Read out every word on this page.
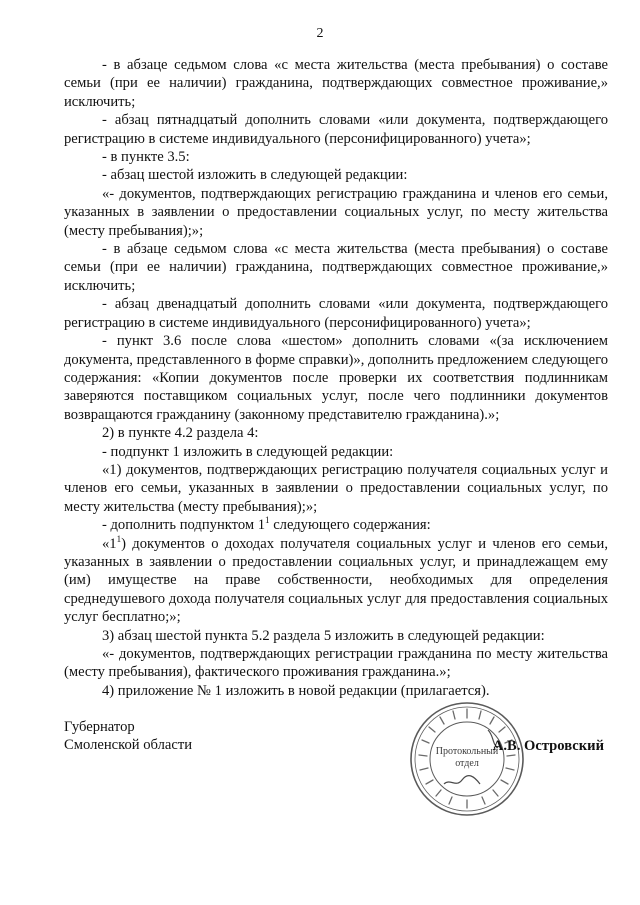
2

- в абзаце седьмом слова «с места жительства (места пребывания) о составе семьи (при ее наличии) гражданина, подтверждающих совместное проживание,» исключить;

- абзац пятнадцатый дополнить словами «или документа, подтверждающего регистрацию в системе индивидуального (персонифицированного) учета»;

- в пункте 3.5:

- абзац шестой изложить в следующей редакции:

«- документов, подтверждающих регистрацию гражданина и членов его семьи, указанных в заявлении о предоставлении социальных услуг, по месту жительства (месту пребывания);»;

- в абзаце седьмом слова «с места жительства (места пребывания) о составе семьи (при ее наличии) гражданина, подтверждающих совместное проживание,» исключить;

- абзац двенадцатый дополнить словами «или документа, подтверждающего регистрацию в системе индивидуального (персонифицированного) учета»;

- пункт 3.6 после слова «шестом» дополнить словами «(за исключением документа, представленного в форме справки)», дополнить предложением следующего содержания: «Копии документов после проверки их соответствия подлинникам заверяются поставщиком социальных услуг, после чего подлинники документов возвращаются гражданину (законному представителю гражданина).»;

2) в пункте 4.2 раздела 4:

- подпункт 1 изложить в следующей редакции:

«1) документов, подтверждающих регистрацию получателя социальных услуг и членов его семьи, указанных в заявлении о предоставлении социальных услуг, по месту жительства (месту пребывания);»;

- дополнить подпунктом $1^1$ следующего содержания:

«$1^1$) документов о доходах получателя социальных услуг и членов его семьи, указанных в заявлении о предоставлении социальных услуг, и принадлежащем ему (им) имуществе на праве собственности, необходимых для определения среднедушевого дохода получателя социальных услуг для предоставления социальных услуг бесплатно;»;

3) абзац шестой пункта 5.2 раздела 5 изложить в следующей редакции:

«- документов, подтверждающих регистрации гражданина по месту жительства (месту пребывания), фактического проживания гражданина.»;

4) приложение № 1 изложить в новой редакции (прилагается).

Губернатор
Смоленской области	Протокольный
отдел
А.В. Островский
